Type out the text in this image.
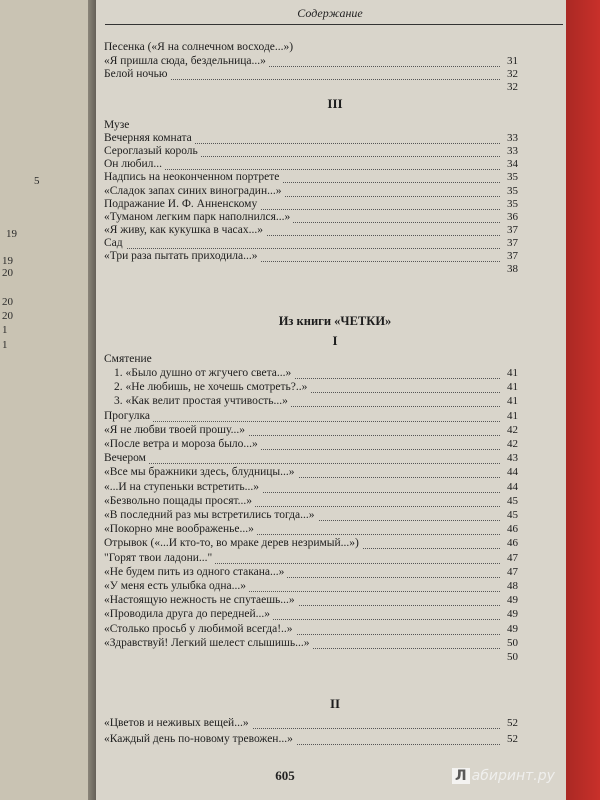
5
19
19
20
20
20
1
1
Содержание
Песенка («Я на солнечном восходе...»)
«Я пришла сюда, бездельница...»	31
Белой ночью	32
32
III
Музе
Вечерняя комната	33
Сероглазый король	33
Он любил...	34
Надпись на неоконченном портрете	35
«Сладок запах синих виноградин...»	35
Подражание И. Ф. Анненскому	35
«Туманом легким парк наполнился...»	36
«Я живу, как кукушка в часах...»	37
Сад	37
«Три раза пытать приходила...»	37
38
Из книги «ЧЕТКИ»
I
Смятение
1. «Было душно от жгучего света...»	41
2. «Не любишь, не хочешь смотреть?..»	41
3. «Как велит простая учтивость...»	41
Прогулка	41
«Я не любви твоей прошу...»	42
«После ветра и мороза было...»	42
Вечером	43
«Все мы бражники здесь, блудницы...»	44
«...И на ступеньки встретить...»	44
«Безвольно пощады просят...»	45
«В последний раз мы встретились тогда...»	45
«Покорно мне воображенье...»	46
Отрывок («...И кто-то, во мраке дерев незримый...»)	46
"Горят твои ладони..."	47
«Не будем пить из одного стакана...»	47
«У меня есть улыбка одна...»	48
«Настоящую нежность не спутаешь...»	49
«Проводила друга до передней...»	49
«Столько просьб у любимой всегда!..»	49
«Здравствуй! Легкий шелест слышишь...»	50
50
II
«Цветов и неживых вещей...»	52
«Каждый день по-новому тревожен...»	52
605	Л абиринт.ру
